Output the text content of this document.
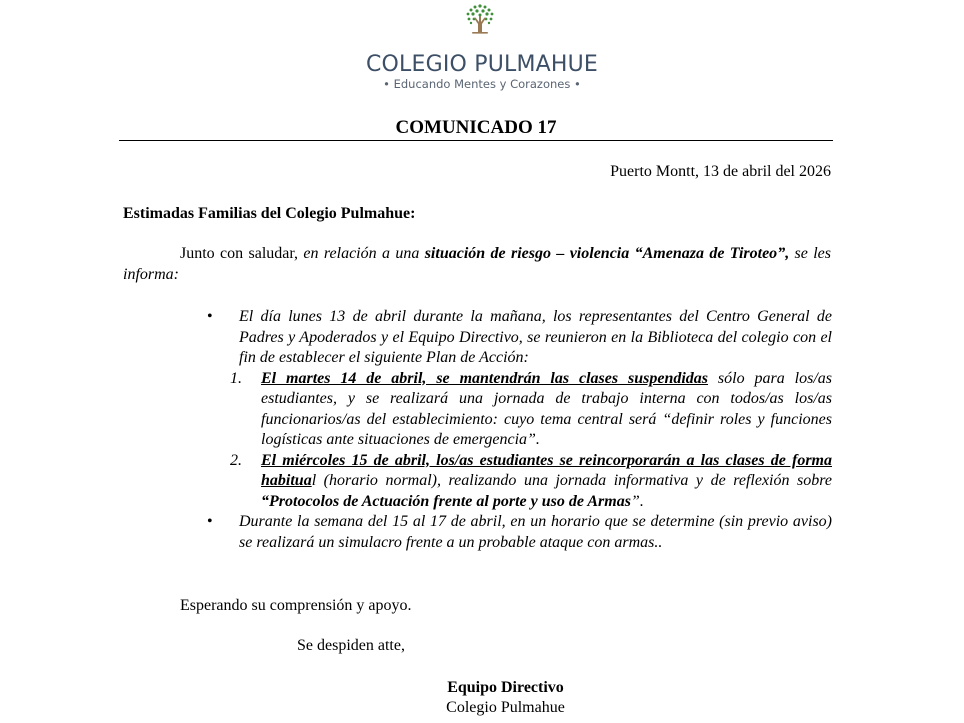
COLEGIO PULMAHUE
• Educando Mentes y Corazones •
COMUNICADO 17
Puerto Montt, 13 de abril del 2026
Estimadas Familias del Colegio Pulmahue:
Junto con saludar, en relación a una situación de riesgo – violencia “Amenaza de Tiroteo”, se les informa:
• El día lunes 13 de abril durante la mañana, los representantes del Centro General de Padres y Apoderados y el Equipo Directivo, se reunieron en la Biblioteca del colegio con el fin de establecer el siguiente Plan de Acción:
1. El martes 14 de abril, se mantendrán las clases suspendidas sólo para los/as estudiantes, y se realizará una jornada de trabajo interna con todos/as los/as funcionarios/as del establecimiento: cuyo tema central será “definir roles y funciones logísticas ante situaciones de emergencia”.
2. El miércoles 15 de abril, los/as estudiantes se reincorporarán a las clases de forma habitual (horario normal), realizando una jornada informativa y de reflexión sobre “Protocolos de Actuación frente al porte y uso de Armas”.
• Durante la semana del 15 al 17 de abril, en un horario que se determine (sin previo aviso) se realizará un simulacro frente a un probable ataque con armas..
Esperando su comprensión y apoyo.
Se despiden atte,
Equipo Directivo
Colegio Pulmahue
